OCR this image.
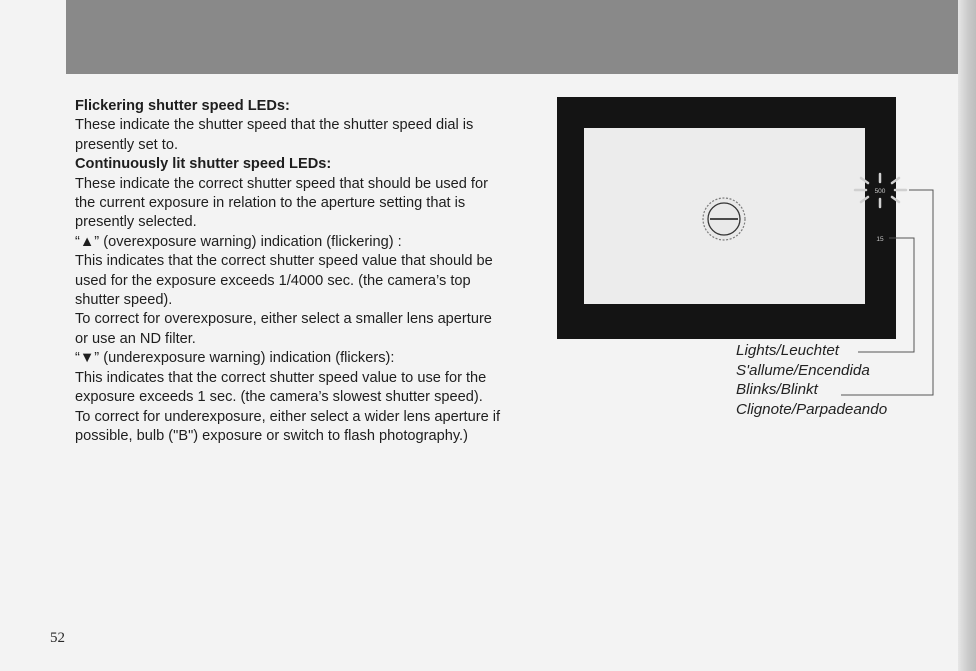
Flickering shutter speed LEDs:

These indicate the shutter speed that the shutter speed dial is presently set to.

Continuously lit shutter speed LEDs:

These indicate the correct shutter speed that should be used for the current exposure in relation to the aperture setting that is presently selected.

“▲” (overexposure warning) indication (flickering) :

This indicates that the correct shutter speed value that should be used for the exposure exceeds 1/4000 sec. (the camera’s top shutter speed).

To correct for overexposure, either select a smaller lens aperture or use an ND filter.

“▼” (underexposure warning) indication (flickers):

This indicates that the correct shutter speed value to use for the exposure exceeds 1 sec. (the camera’s slowest shutter speed).

To correct for underexposure, either select a wider lens aperture if possible, bulb ("B") exposure or switch to flash photography.)

500
15

Lights/Leuchtet

S'allume/Encendida

Blinks/Blinkt

Clignote/Parpadeando

52
